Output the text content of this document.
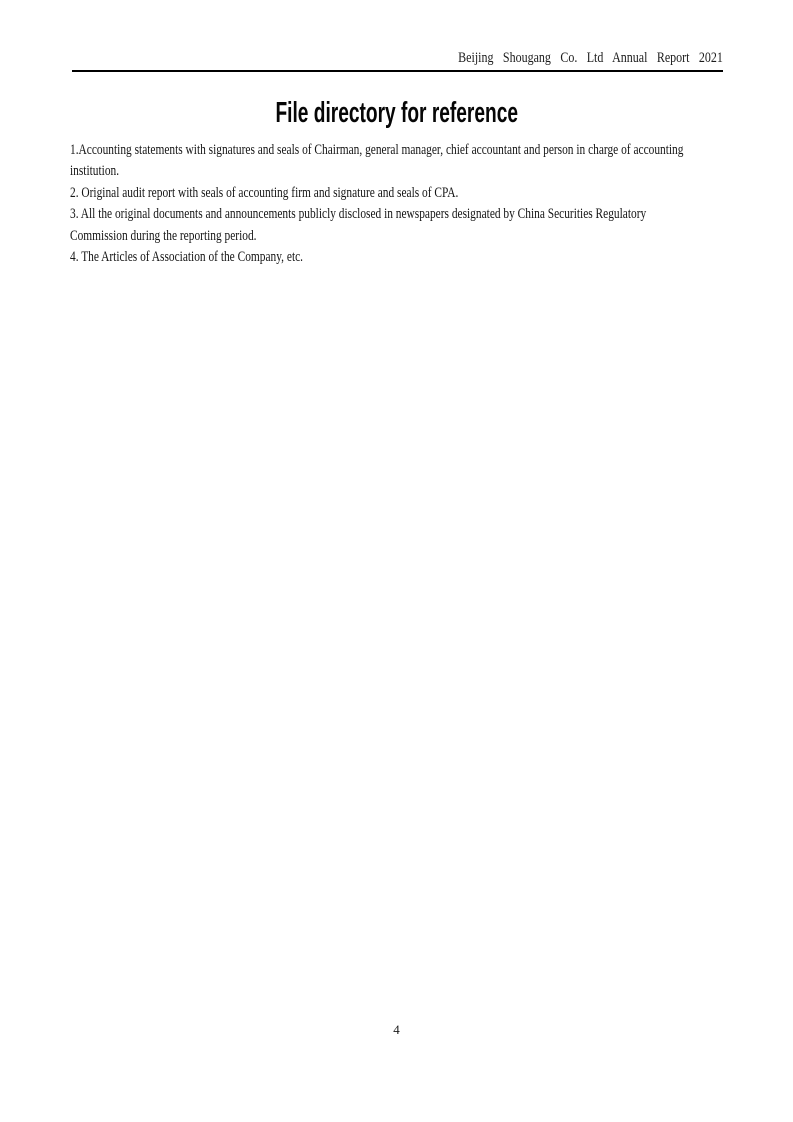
Beijing Shougang Co. Ltd Annual Report 2021
File directory for reference

1.Accounting statements with signatures and seals of Chairman, general manager, chief accountant and person in charge of accounting institution.

2. Original audit report with seals of accounting firm and signature and seals of CPA.

3. All the original documents and announcements publicly disclosed in newspapers designated by China Securities Regulatory Commission during the reporting period.

4. The Articles of Association of the Company, etc.

4
